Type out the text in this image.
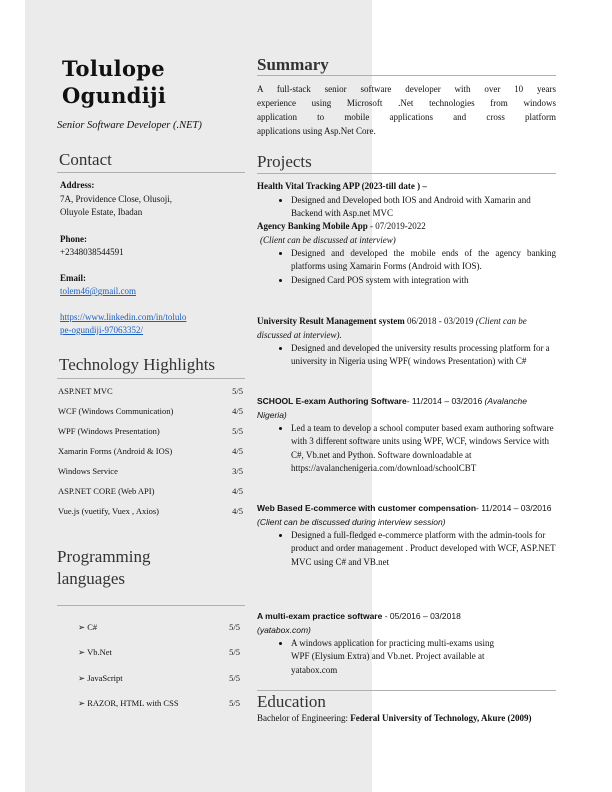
Tolulope
Ogundiji
Senior Software Developer (.NET)
Contact
Address:
7A, Providence Close, Olusoji,
Oluyole Estate, Ibadan
Phone:
+2348038544591
Email:
tolem46@gmail.com
https://www.linkedin.com/in/tolulo
pe-ogundiji-97063352/
Technology Highlights
ASP.NET MVC	5/5
WCF (Windows Communication)	4/5
WPF (Windows Presentation)	5/5
Xamarin Forms (Android & IOS)	4/5
Windows Service	3/5
ASP.NET CORE (Web API)	4/5
Vue.js (vuetify, Vuex , Axios)	4/5
Programming
languages
➢ C#	5/5
➢ Vb.Net	5/5
➢ JavaScript	5/5
➢ RAZOR, HTML with CSS	5/5
Summary
A full-stack senior software developer with over 10 years
experience using Microsoft .Net technologies from windows
application to mobile applications and cross platform
applications using Asp.Net Core.
Projects
Health Vital Tracking APP (2023-till date ) –
• Designed and Developed both IOS and Android with Xamarin and Backend with Asp.net MVC
Agency Banking Mobile App - 07/2019-2022
(Client can be discussed at interview)
• Designed and developed the mobile ends of the agency banking platforms using Xamarin Forms (Android with IOS).
• Designed Card POS system with integration with
University Result Management system 06/2018 - 03/2019 (Client can be discussed at interview).
• Designed and developed the university results processing platform for a university in Nigeria using WPF( windows Presentation) with C#
SCHOOL E-exam Authoring Software- 11/2014 – 03/2016 (Avalanche Nigeria)
• Led a team to develop a school computer based exam authoring software with 3 different software units using WPF, WCF, windows Service with C#, Vb.net and Python. Software downloadable at https://avalanchenigeria.com/download/schoolCBT
Web Based E-commerce with customer compensation- 11/2014 – 03/2016
(Client can be discussed during interview session)
• Designed a full-fledged e-commerce platform with the admin-tools for product and order management . Product developed with WCF, ASP.NET MVC using C# and VB.net
A multi-exam practice software - 05/2016 – 03/2018
(yatabox.com)
• A windows application for practicing multi-exams using WPF (Elysium Extra) and Vb.net. Project available at yatabox.com
Education
Bachelor of Engineering: Federal University of Technology, Akure (2009)
